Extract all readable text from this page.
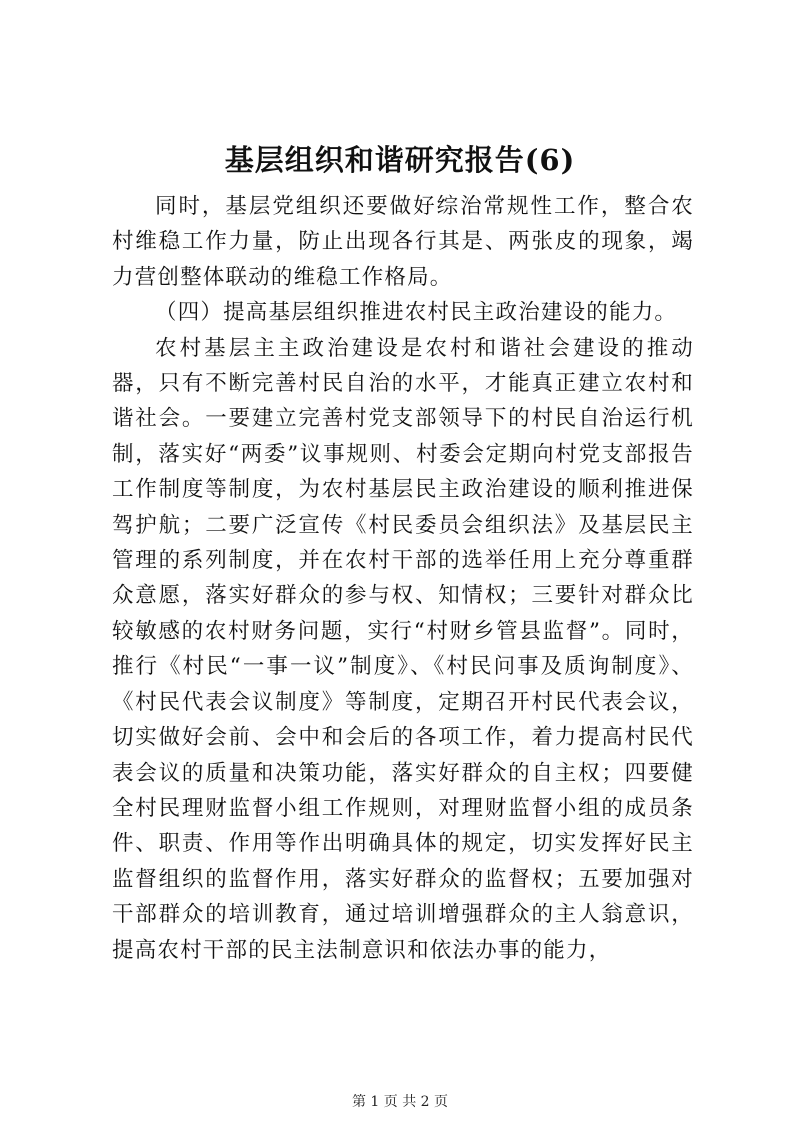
基层组织和谐研究报告(6)

同时，基层党组织还要做好综治常规性工作，整合农村维稳工作力量，防止出现各行其是、两张皮的现象，竭力营创整体联动的维稳工作格局。

（四）提高基层组织推进农村民主政治建设的能力。

农村基层主主政治建设是农村和谐社会建设的推动器，只有不断完善村民自治的水平，才能真正建立农村和谐社会。一要建立完善村党支部领导下的村民自治运行机制，落实好“两委”议事规则、村委会定期向村党支部报告工作制度等制度，为农村基层民主政治建设的顺利推进保驾护航；二要广泛宣传《村民委员会组织法》及基层民主管理的系列制度，并在农村干部的选举任用上充分尊重群众意愿，落实好群众的参与权、知情权；三要针对群众比较敏感的农村财务问题，实行“村财乡管县监督”。同时，推行《村民“一事一议”制度》、《村民问事及质询制度》、《村民代表会议制度》等制度，定期召开村民代表会议，切实做好会前、会中和会后的各项工作，着力提高村民代表会议的质量和决策功能，落实好群众的自主权；四要健全村民理财监督小组工作规则，对理财监督小组的成员条件、职责、作用等作出明确具体的规定，切实发挥好民主监督组织的监督作用，落实好群众的监督权；五要加强对干部群众的培训教育，通过培训增强群众的主人翁意识，提高农村干部的民主法制意识和依法办事的能力，

第 1 页 共 2 页
